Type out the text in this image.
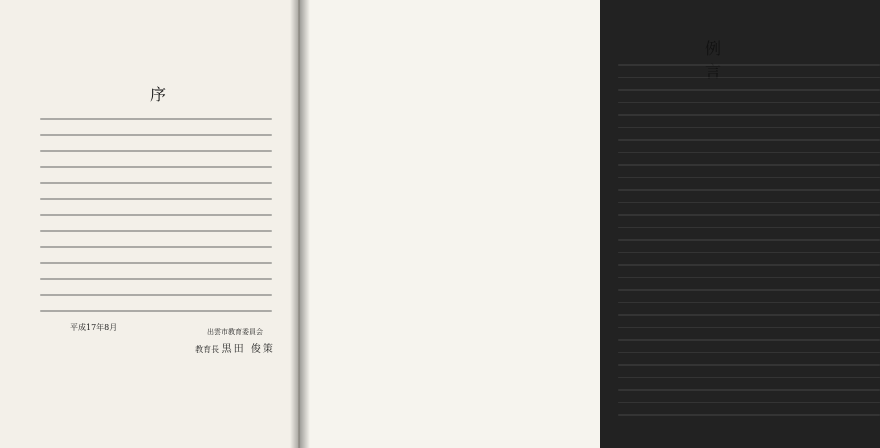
序
平成17年8月	出雲市教育委員会
教育長 黒田 俊策
例 言
